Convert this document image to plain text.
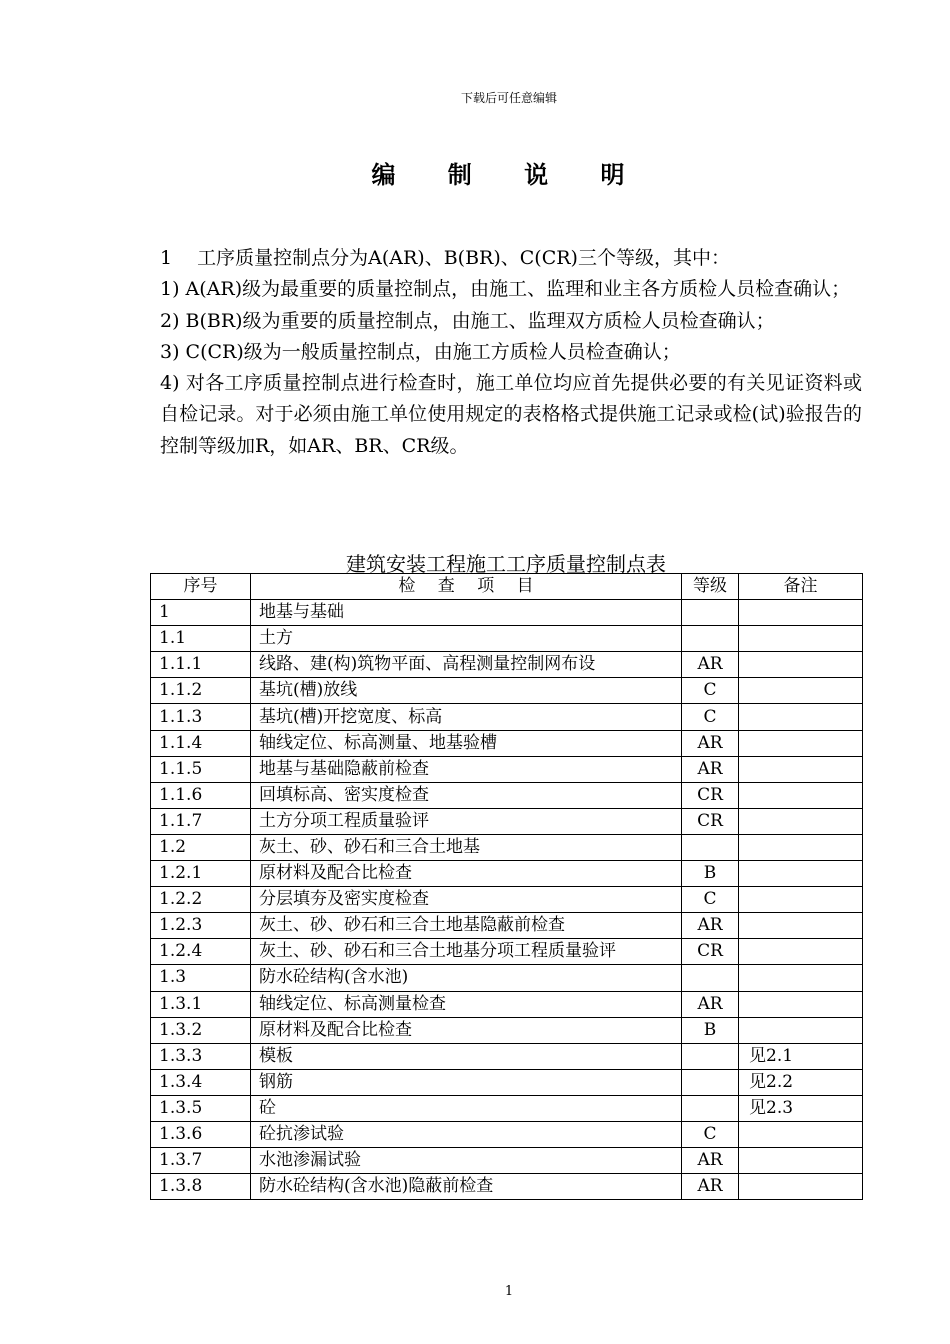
下载后可任意编辑
编 制 说 明

1　 工序质量控制点分为A(AR)、B(BR)、C(CR)三个等级，其中：

1) A(AR)级为最重要的质量控制点，由施工、监理和业主各方质检人员检查确认；

2) B(BR)级为重要的质量控制点，由施工、监理双方质检人员检查确认；

3) C(CR)级为一般质量控制点，由施工方质检人员检查确认；

4) 对各工序质量控制点进行检查时，施工单位均应首先提供必要的有关见证资料或自检记录。对于必须由施工单位使用规定的表格格式提供施工记录或检(试)验报告的控制等级加R，如AR、BR、CR级。

建筑安装工程施工工序质量控制点表
序号	检　 查　 项　 目	等级	备注
1	地基与基础		
1.1	土方		
1.1.1	线路、建(构)筑物平面、高程测量控制网布设	AR	
1.1.2	基坑(槽)放线	C	
1.1.3	基坑(槽)开挖宽度、标高	C	
1.1.4	轴线定位、标高测量、地基验槽	AR	
1.1.5	地基与基础隐蔽前检查	AR	
1.1.6	回填标高、密实度检查	CR	
1.1.7	土方分项工程质量验评	CR	
1.2	灰土、砂、砂石和三合土地基		
1.2.1	原材料及配合比检查	B	
1.2.2	分层填夯及密实度检查	C	
1.2.3	灰土、砂、砂石和三合土地基隐蔽前检查	AR	
1.2.4	灰土、砂、砂石和三合土地基分项工程质量验评	CR	
1.3	防水砼结构(含水池)		
1.3.1	轴线定位、标高测量检查	AR	
1.3.2	原材料及配合比检查	B	
1.3.3	模板		见2.1
1.3.4	钢筋		见2.2
1.3.5	砼		见2.3
1.3.6	砼抗渗试验	C	
1.3.7	水池渗漏试验	AR	
1.3.8	防水砼结构(含水池)隐蔽前检查	AR	
1
